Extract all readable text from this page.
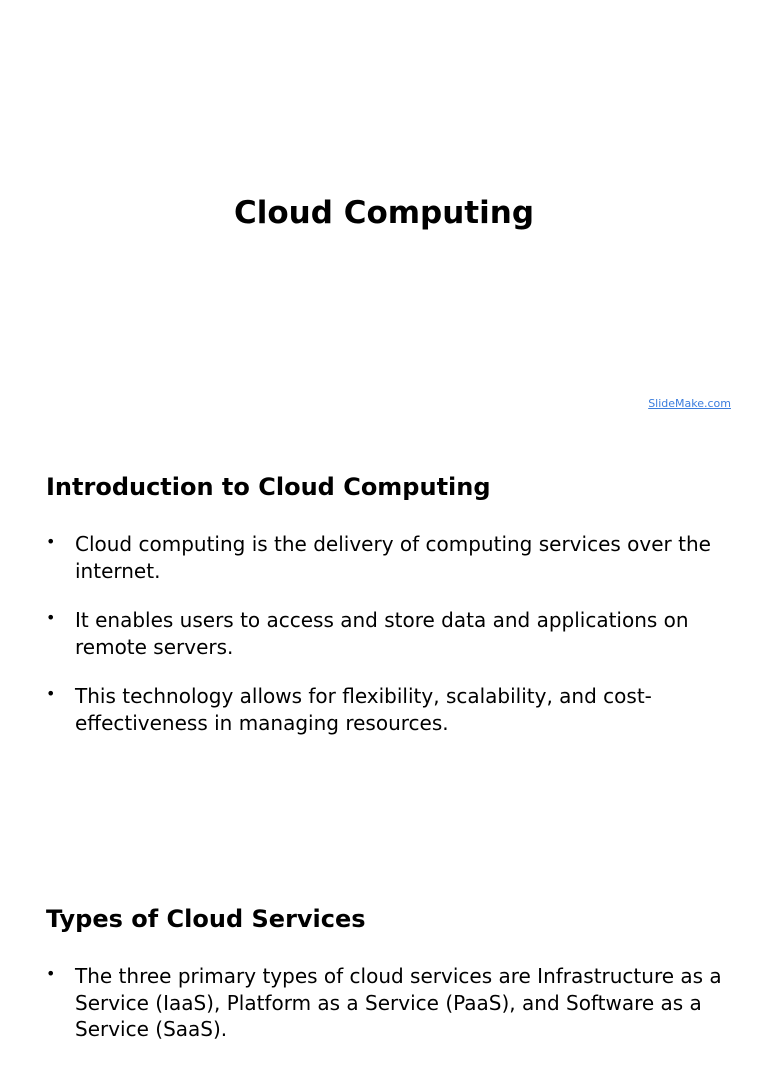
Cloud Computing
SlideMake.com
Introduction to Cloud Computing
• Cloud computing is the delivery of computing services over the internet.
• It enables users to access and store data and applications on remote servers.
• This technology allows for flexibility, scalability, and cost-effectiveness in managing resources.
Types of Cloud Services
• The three primary types of cloud services are Infrastructure as a Service (IaaS), Platform as a Service (PaaS), and Software as a Service (SaaS).
